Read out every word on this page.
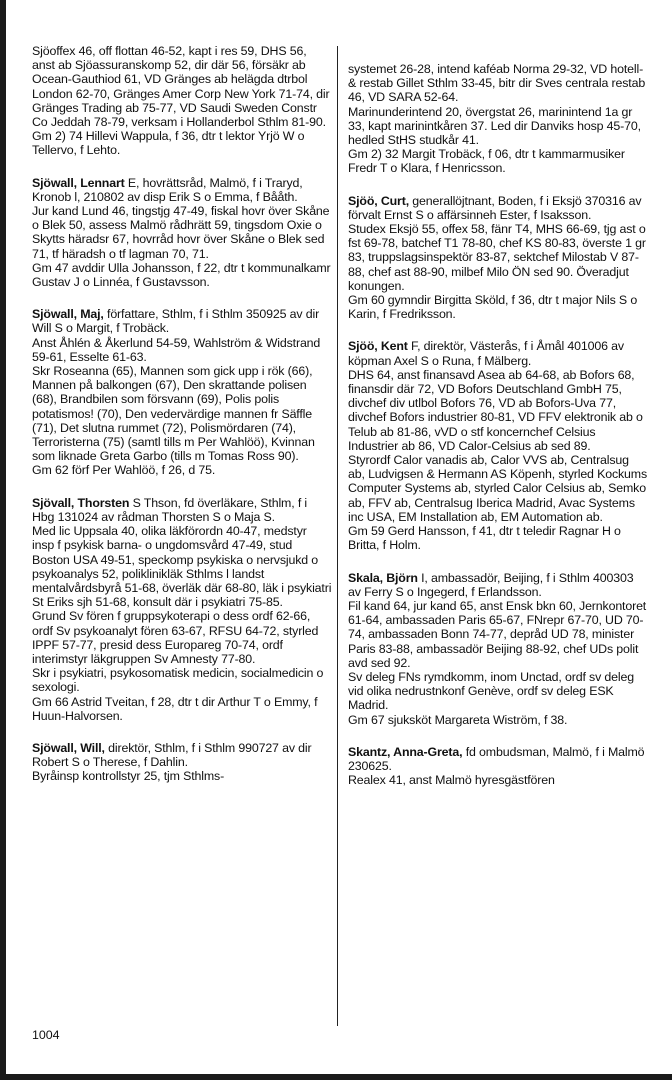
Sjöoffex 46, off flottan 46-52, kapt i res 59, DHS 56, anst ab Sjöassuranskomp 52, dir där 56, försäkr ab Ocean-Gauthiod 61, VD Gränges ab helägda dtrbol London 62-70, Gränges Amer Corp New York 71-74, dir Gränges Trading ab 75-77, VD Saudi Sweden Constr Co Jeddah 78-79, verksam i Hollanderbol Sthlm 81-90.
Gm 2) 74 Hillevi Wappula, f 36, dtr t lektor Yrjö W o Tellervo, f Lehto.
Sjöwall, Lennart E, hovrättsråd, Malmö, f i Traryd, Kronob l, 210802 av disp Erik S o Emma, f Bååth.
Jur kand Lund 46, tingstjg 47-49, fiskal hovr över Skåne o Blek 50, assess Malmö rådhrätt 59, tingsdom Oxie o Skytts häradsr 67, hovrråd hovr över Skåne o Blek sed 71, tf häradsh o tf lagman 70, 71.
Gm 47 avddir Ulla Johansson, f 22, dtr t kommunalkamr Gustav J o Linnéa, f Gustavsson.
Sjöwall, Maj, författare, Sthlm, f i Sthlm 350925 av dir Will S o Margit, f Trobäck.
Anst Åhlén & Åkerlund 54-59, Wahlström & Widstrand 59-61, Esselte 61-63.
Skr Roseanna (65), Mannen som gick upp i rök (66), Mannen på balkongen (67), Den skrattande polisen (68), Brandbilen som försvann (69), Polis polis potatismos! (70), Den vedervärdige mannen fr Säffle (71), Det slutna rummet (72), Polismördaren (74), Terroristerna (75) (samtl tills m Per Wahlöö), Kvinnan som liknade Greta Garbo (tills m Tomas Ross 90).
Gm 62 förf Per Wahlöö, f 26, d 75.
Sjövall, Thorsten S Thson, fd överläkare, Sthlm, f i Hbg 131024 av rådman Thorsten S o Maja S.
Med lic Uppsala 40, olika läkförordn 40-47, medstyr insp f psykisk barna- o ungdomsvård 47-49, stud Boston USA 49-51, speckomp psykiska o nervsjukd o psykoanalys 52, poliklinikläk Sthlms l landst mentalvårdsbyrå 51-68, överläk där 68-80, läk i psykiatri St Eriks sjh 51-68, konsult där i psykiatri 75-85.
Grund Sv fören f gruppsykoterapi o dess ordf 62-66, ordf Sv psykoanalyt fören 63-67, RFSU 64-72, styrled IPPF 57-77, presid dess Europareg 70-74, ordf interimstyr läkgruppen Sv Amnesty 77-80.
Skr i psykiatri, psykosomatisk medicin, socialmedicin o sexologi.
Gm 66 Astrid Tveitan, f 28, dtr t dir Arthur T o Emmy, f Huun-Halvorsen.
Sjöwall, Will, direktör, Sthlm, f i Sthlm 990727 av dir Robert S o Therese, f Dahlin.
Byråinsp kontrollstyr 25, tjm Sthlms-
systemet 26-28, intend kaféab Norma 29-32, VD hotell- & restab Gillet Sthlm 33-45, bitr dir Sves centrala restab 46, VD SARA 52-64.
Marinunderintend 20, övergstat 26, marinintend 1a gr 33, kapt marinintkåren 37. Led dir Danviks hosp 45-70, hedled StHS studkår 41.
Gm 2) 32 Margit Trobäck, f 06, dtr t kammarmusiker Fredr T o Klara, f Henricsson.
Sjöö, Curt, generallöjtnant, Boden, f i Eksjö 370316 av förvalt Ernst S o affärsinneh Ester, f Isaksson.
Studex Eksjö 55, offex 58, fänr T4, MHS 66-69, tjg ast o fst 69-78, batchef T1 78-80, chef KS 80-83, överste 1 gr 83, truppslagsinspektör 83-87, sektchef Milostab V 87-88, chef ast 88-90, milbef Milo ÖN sed 90. Överadjut konungen.
Gm 60 gymndir Birgitta Sköld, f 36, dtr t major Nils S o Karin, f Fredriksson.
Sjöö, Kent F, direktör, Västerås, f i Åmål 401006 av köpman Axel S o Runa, f Mälberg.
DHS 64, anst finansavd Asea ab 64-68, ab Bofors 68, finansdir där 72, VD Bofors Deutschland GmbH 75, divchef div utlbol Bofors 76, VD ab Bofors-Uva 77, divchef Bofors industrier 80-81, VD FFV elektronik ab o Telub ab 81-86, vVD o stf koncernchef Celsius Industrier ab 86, VD Calor-Celsius ab sed 89.
Styrordf Calor vanadis ab, Calor VVS ab, Centralsug ab, Ludvigsen & Hermann AS Köpenh, styrled Kockums Computer Systems ab, styrled Calor Celsius ab, Semko ab, FFV ab, Centralsug Iberica Madrid, Avac Systems inc USA, EM Installation ab, EM Automation ab.
Gm 59 Gerd Hansson, f 41, dtr t teledir Ragnar H o Britta, f Holm.
Skala, Björn I, ambassadör, Beijing, f i Sthlm 400303 av Ferry S o Ingegerd, f Erlandsson.
Fil kand 64, jur kand 65, anst Ensk bkn 60, Jernkontoret 61-64, ambassaden Paris 65-67, FNrepr 67-70, UD 70-74, ambassaden Bonn 74-77, depråd UD 78, minister Paris 83-88, ambassadör Beijing 88-92, chef UDs polit avd sed 92.
Sv deleg FNs rymdkomm, inom Unctad, ordf sv deleg vid olika nedrustnkonf Genève, ordf sv deleg ESK Madrid.
Gm 67 sjuksköt Margareta Wiström, f 38.
Skantz, Anna-Greta, fd ombudsman, Malmö, f i Malmö 230625.
Realex 41, anst Malmö hyresgästfören
1004
